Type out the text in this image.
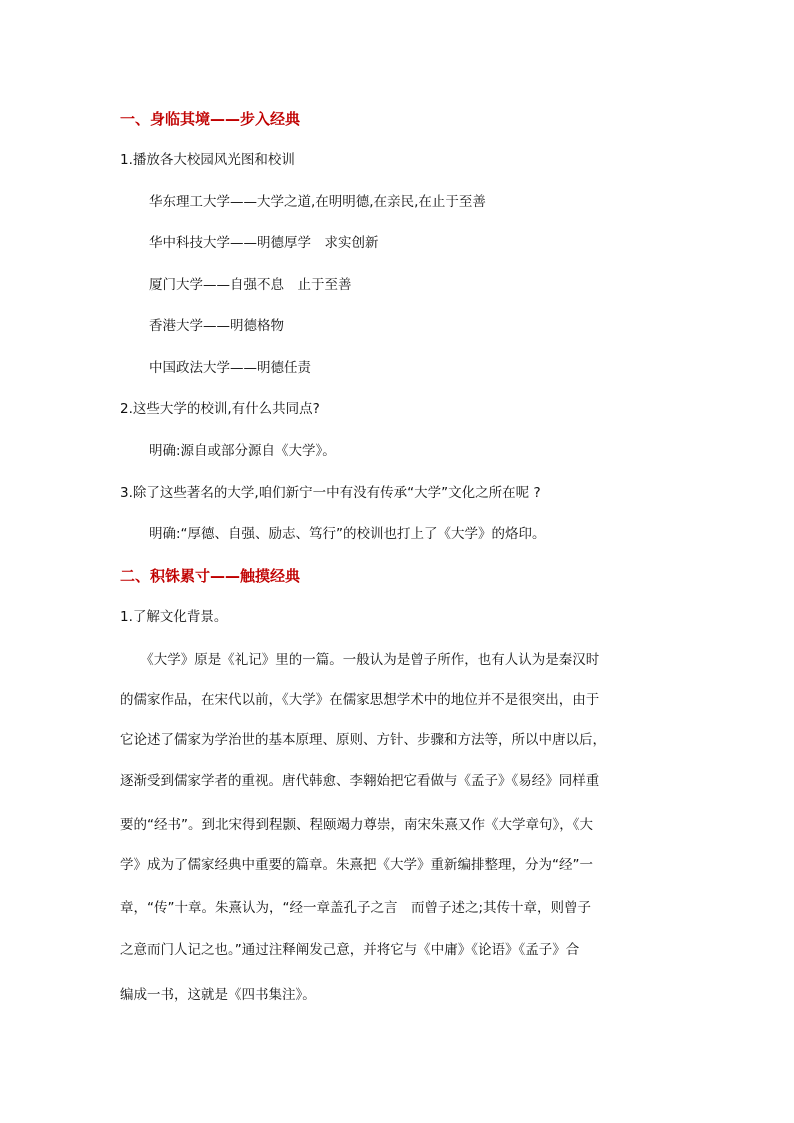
一、身临其境——步入经典
1.播放各大校园风光图和校训
华东理工大学——大学之道,在明明德,在亲民,在止于至善
华中科技大学——明德厚学　求实创新
厦门大学——自强不息　止于至善
香港大学——明德格物
中国政法大学——明德任责
2.这些大学的校训,有什么共同点?
明确:源自或部分源自《大学》。
3.除了这些著名的大学,咱们新宁一中有没有传承“大学”文化之所在呢 ?
明确:“厚德、自强、励志、笃行”的校训也打上了《大学》的烙印。
二、积铢累寸——触摸经典
1.了解文化背景。
　　《大学》原是《礼记》里的一篇。一般认为是曾子所作，也有人认为是秦汉时
的儒家作品，在宋代以前，《大学》在儒家思想学术中的地位并不是很突出，由于
它论述了儒家为学治世的基本原理、原则、方针、步骤和方法等，所以中唐以后，
逐渐受到儒家学者的重视。唐代韩愈、李翱始把它看做与《孟子》《易经》同样重
要的“经书”。到北宋得到程颢、程颐竭力尊崇，南宋朱熹又作《大学章句》，《大
学》成为了儒家经典中重要的篇章。朱熹把《大学》重新编排整理，分为“经”一
章，“传”十章。朱熹认为，“经一章盖孔子之言　而曾子述之;其传十章，则曾子
之意而门人记之也。”通过注释阐发己意，并将它与《中庸》《论语》《孟子》合
编成一书，这就是《四书集注》。
